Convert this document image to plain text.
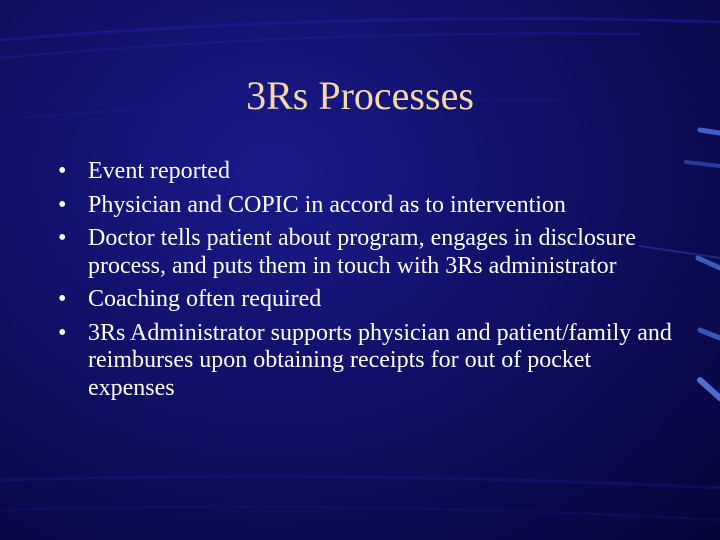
3Rs Processes
• Event reported
• Physician and COPIC in accord as to intervention
• Doctor tells patient about program, engages in disclosure process, and puts them in touch with 3Rs administrator
• Coaching often required
• 3Rs Administrator supports physician and patient/family and reimburses upon obtaining receipts for out of pocket expenses
